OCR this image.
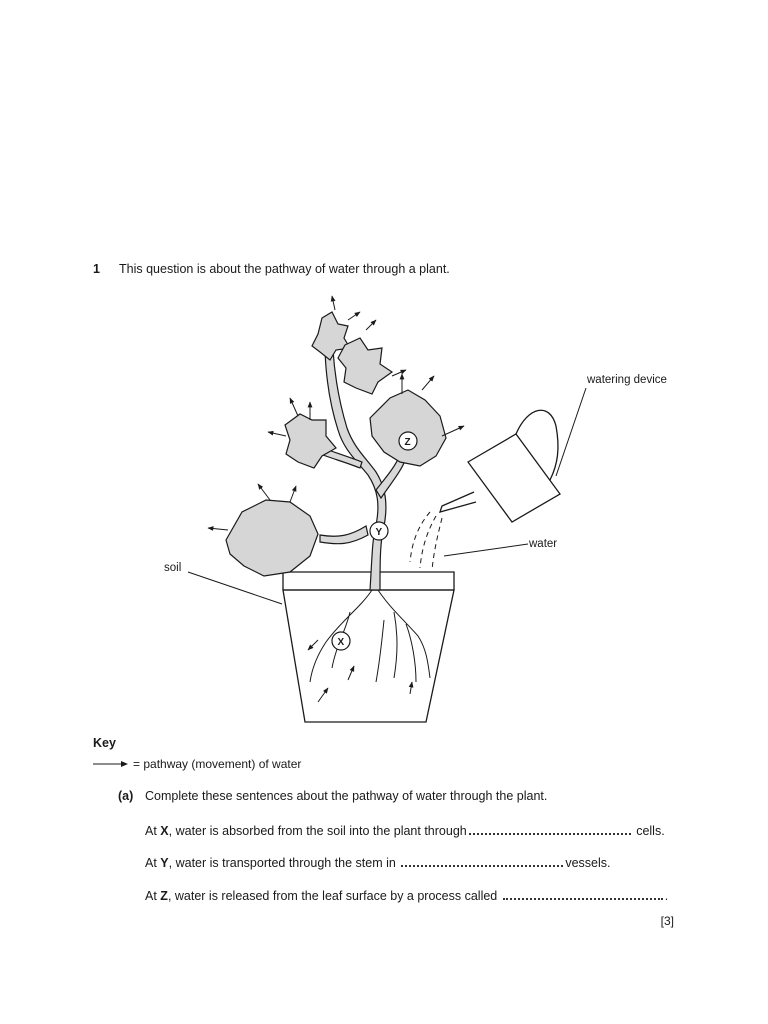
1 This question is about the pathway of water through a plant.
watering device
water
soil
Z
Y
X
Key
= pathway (movement) of water
(a) Complete these sentences about the pathway of water through the plant.
At X, water is absorbed from the soil into the plant through	cells.
At Y, water is transported through the stem in	vessels.
At Z, water is released from the leaf surface by a process called	.
[3]
